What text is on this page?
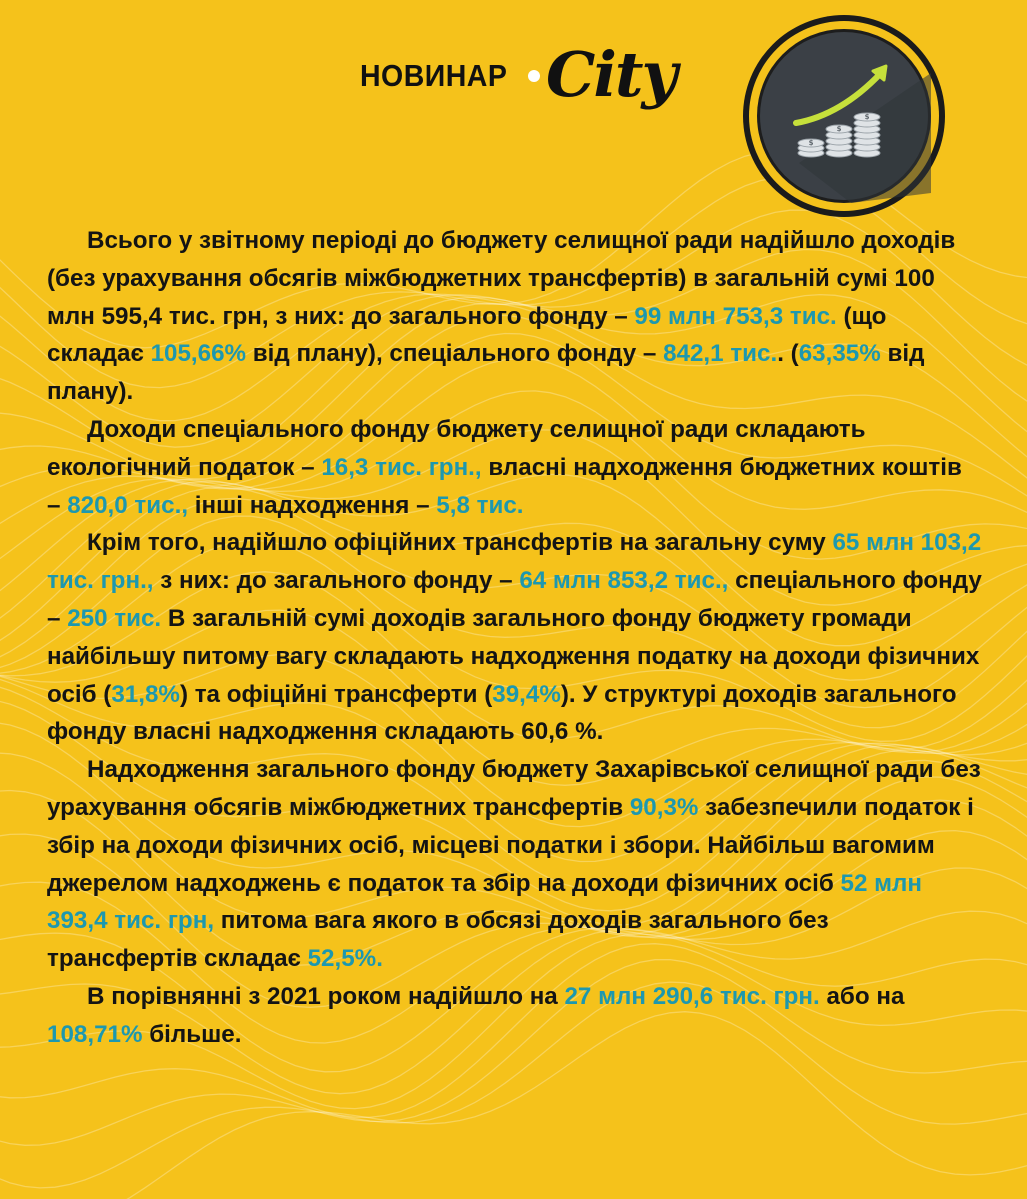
НОВИНАР City
$
$
$

Всього у звітному періоді до бюджету селищної ради надійшло доходів (без урахування обсягів міжбюджетних трансфертів) в загальній сумі 100 млн 595,4 тис. грн, з них: до загального фонду – 99 млн 753,3 тис. (що складає 105,66% від плану), спеціального фонду – 842,1 тис.. (63,35% від плану).

Доходи спеціального фонду бюджету селищної ради складають екологічний податок – 16,3 тис. грн., власні надходження бюджетних коштів – 820,0 тис., інші надходження – 5,8 тис.

Крім того, надійшло офіційних трансфертів на загальну суму 65 млн 103,2 тис. грн., з них: до загального фонду – 64 млн 853,2 тис., спеціального фонду – 250 тис. В загальній сумі доходів загального фонду бюджету громади найбільшу питому вагу складають надходження податку на доходи фізичних осіб (31,8%) та офіційні трансферти (39,4%). У структурі доходів загального фонду власні надходження складають 60,6 %.

Надходження загального фонду бюджету Захарівської селищної ради без урахування обсягів міжбюджетних трансфертів 90,3% забезпечили податок і збір на доходи фізичних осіб, місцеві податки і збори. Найбільш вагомим джерелом надходжень є податок та збір на доходи фізичних осіб 52 млн 393,4 тис. грн, питома вага якого в обсязі доходів загального без трансфертів складає 52,5%.

В порівнянні з 2021 роком надійшло на 27 млн 290,6 тис. грн. або на 108,71% більше.
